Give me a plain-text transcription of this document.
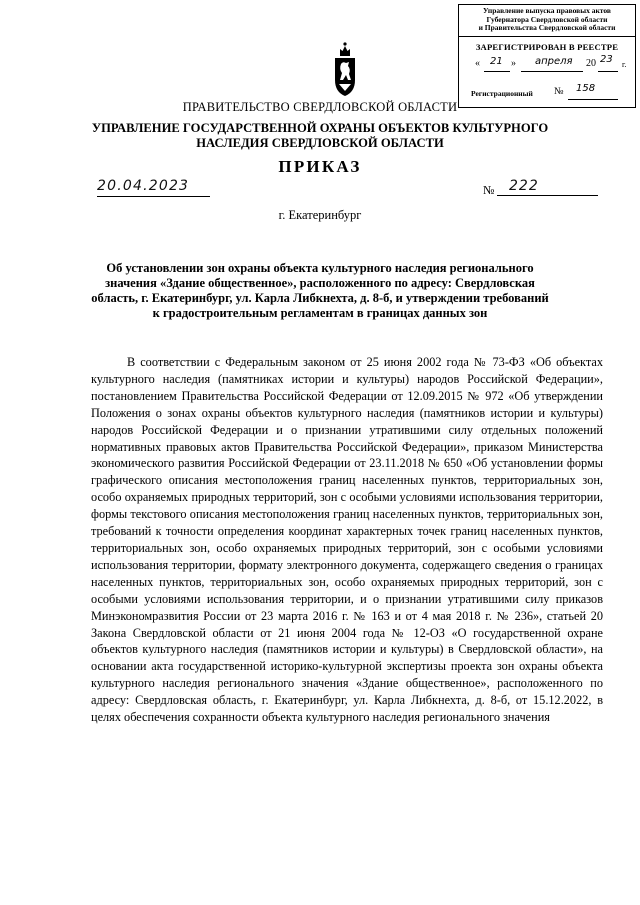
Управление выпуска правовых актов
Губернатора Свердловской области
и Правительства Свердловской области
ЗАРЕГИСТРИРОВАН В РЕЕСТРЕ
« 21 » апреля 20 23 г.
Регистрационный № 158
ПРАВИТЕЛЬСТВО СВЕРДЛОВСКОЙ ОБЛАСТИ
УПРАВЛЕНИЕ ГОСУДАРСТВЕННОЙ ОХРАНЫ ОБЪЕКТОВ КУЛЬТУРНОГО НАСЛЕДИЯ СВЕРДЛОВСКОЙ ОБЛАСТИ
ПРИКАЗ
20.04.2023	№	222
г. Екатеринбург
Об установлении зон охраны объекта культурного наследия регионального значения «Здание общественное», расположенного по адресу: Свердловская область, г. Екатеринбург, ул. Карла Либкнехта, д. 8-б, и утверждении требований к градостроительным регламентам в границах данных зон

В соответствии с Федеральным законом от 25 июня 2002 года № 73-ФЗ «Об объектах культурного наследия (памятниках истории и культуры) народов Российской Федерации», постановлением Правительства Российской Федерации от 12.09.2015 № 972 «Об утверждении Положения о зонах охраны объектов культурного наследия (памятников истории и культуры) народов Российской Федерации и о признании утратившими силу отдельных положений нормативных правовых актов Правительства Российской Федерации», приказом Министерства экономического развития Российской Федерации от 23.11.2018 № 650 «Об установлении формы графического описания местоположения границ населенных пунктов, территориальных зон, особо охраняемых природных территорий, зон с особыми условиями использования территории, формы текстового описания местоположения границ населенных пунктов, территориальных зон, требований к точности определения координат характерных точек границ населенных пунктов, территориальных зон, особо охраняемых природных территорий, зон с особыми условиями использования территории, формату электронного документа, содержащего сведения о границах населенных пунктов, территориальных зон, особо охраняемых природных территорий, зон с особыми условиями использования территории, и о признании утратившими силу приказов Минэкономразвития России от 23 марта 2016 г. № 163 и от 4 мая 2018 г. № 236», статьей 20 Закона Свердловской области от 21 июня 2004 года № 12-ОЗ «О государственной охране объектов культурного наследия (памятников истории и культуры) в Свердловской области», на основании акта государственной историко-культурной экспертизы проекта зон охраны объекта культурного наследия регионального значения «Здание общественное», расположенного по адресу: Свердловская область, г. Екатеринбург, ул. Карла Либкнехта, д. 8-б, от 15.12.2022, в целях обеспечения сохранности объекта культурного наследия регионального значения
